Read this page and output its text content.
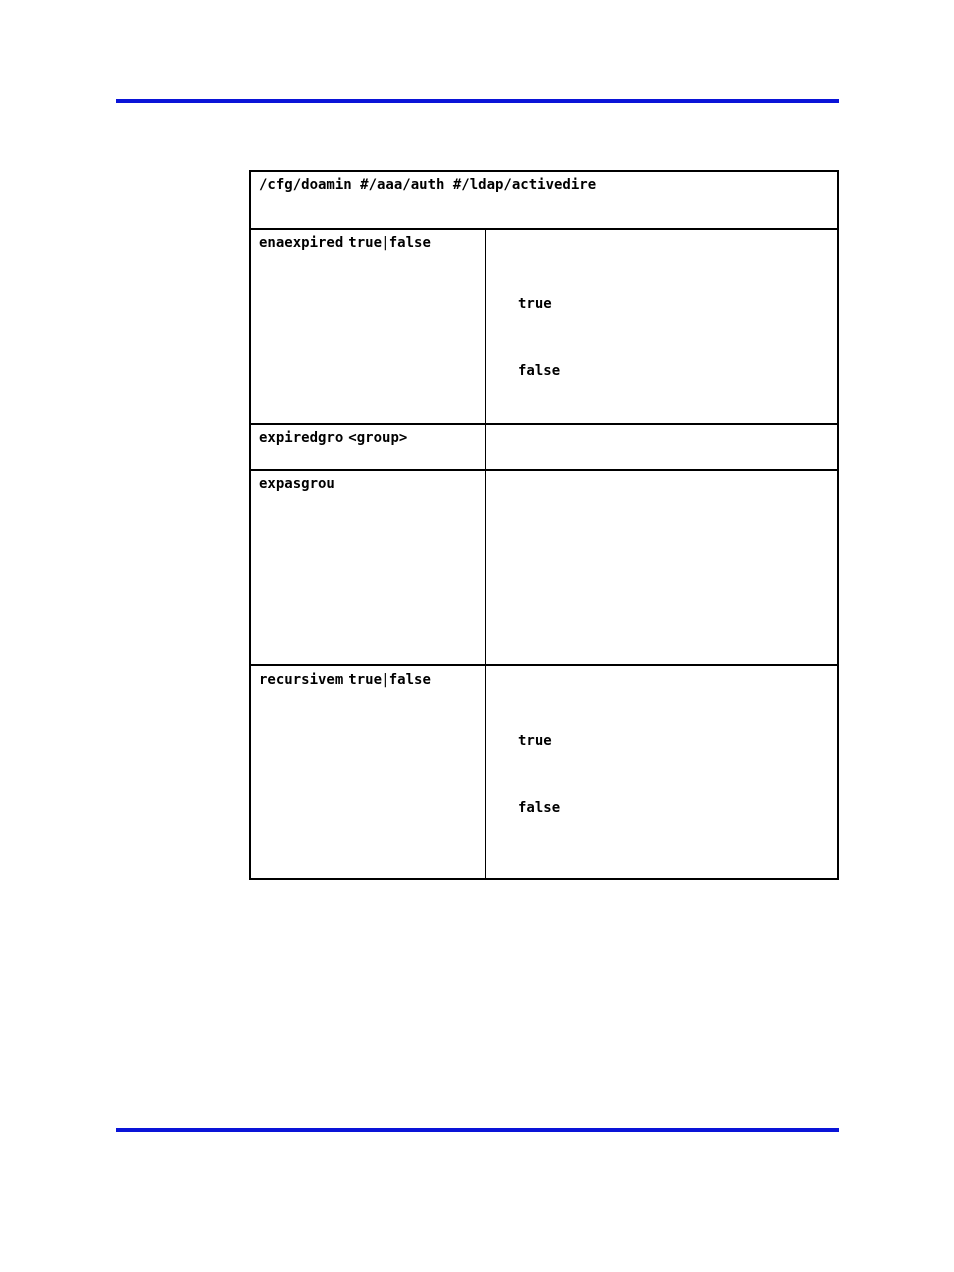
/cfg/doamin #/aaa/auth #/ldap/activedire
enaexpired true|false
true
false
expiredgro <group>
expasgrou
recursivem true|false
true
false
